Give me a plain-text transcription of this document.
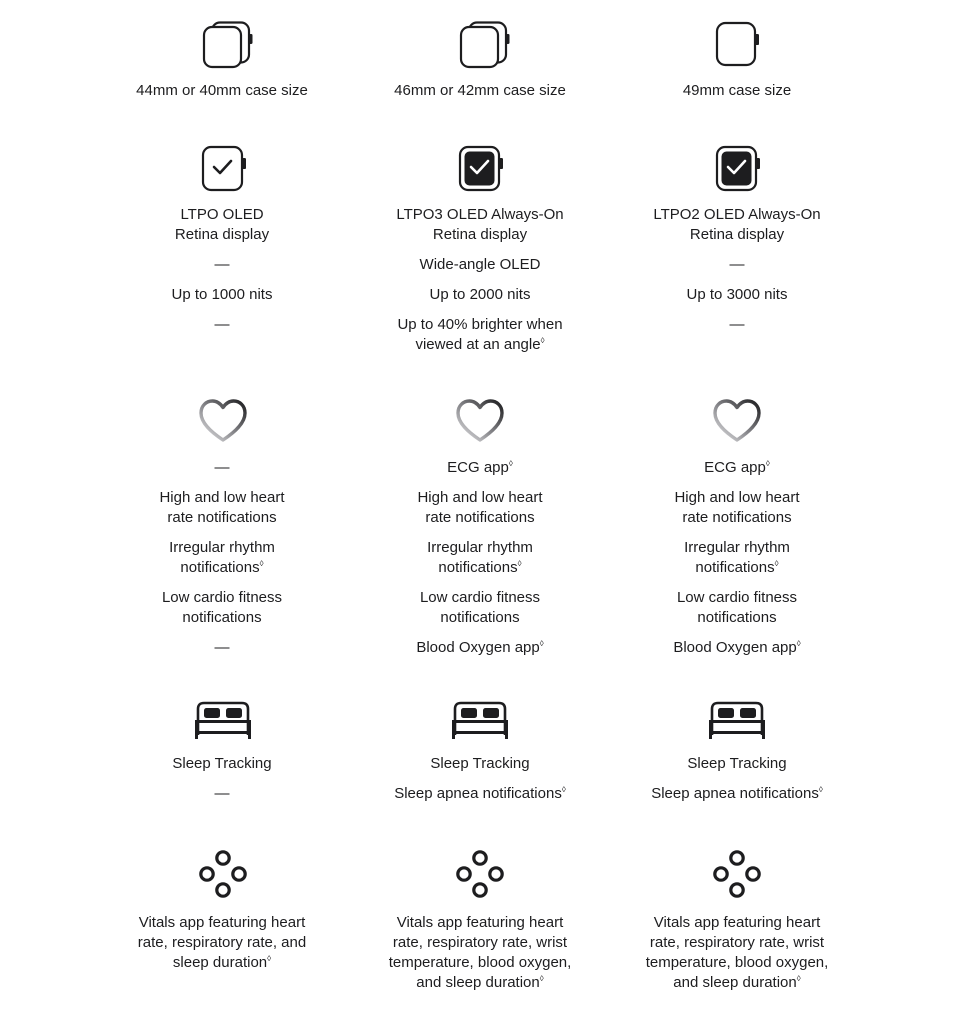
44mm or 40mm case size
LTPO OLED
Retina display
—
Up to 1000 nits
—
—
High and low heart
rate notifications
Irregular rhythm
notifications◊
Low cardio fitness
notifications
—
Sleep Tracking
—
Vitals app featuring heart
rate, respiratory rate, and
sleep duration◊
46mm or 42mm case size
LTPO3 OLED Always-On
Retina display
Wide-angle OLED
Up to 2000 nits
Up to 40% brighter when
viewed at an angle◊
ECG app◊
High and low heart
rate notifications
Irregular rhythm
notifications◊
Low cardio fitness
notifications
Blood Oxygen app◊
Sleep Tracking
Sleep apnea notifications◊
Vitals app featuring heart
rate, respiratory rate, wrist
temperature, blood oxygen,
and sleep duration◊
49mm case size
LTPO2 OLED Always-On
Retina display
—
Up to 3000 nits
—
ECG app◊
High and low heart
rate notifications
Irregular rhythm
notifications◊
Low cardio fitness
notifications
Blood Oxygen app◊
Sleep Tracking
Sleep apnea notifications◊
Vitals app featuring heart
rate, respiratory rate, wrist
temperature, blood oxygen,
and sleep duration◊
